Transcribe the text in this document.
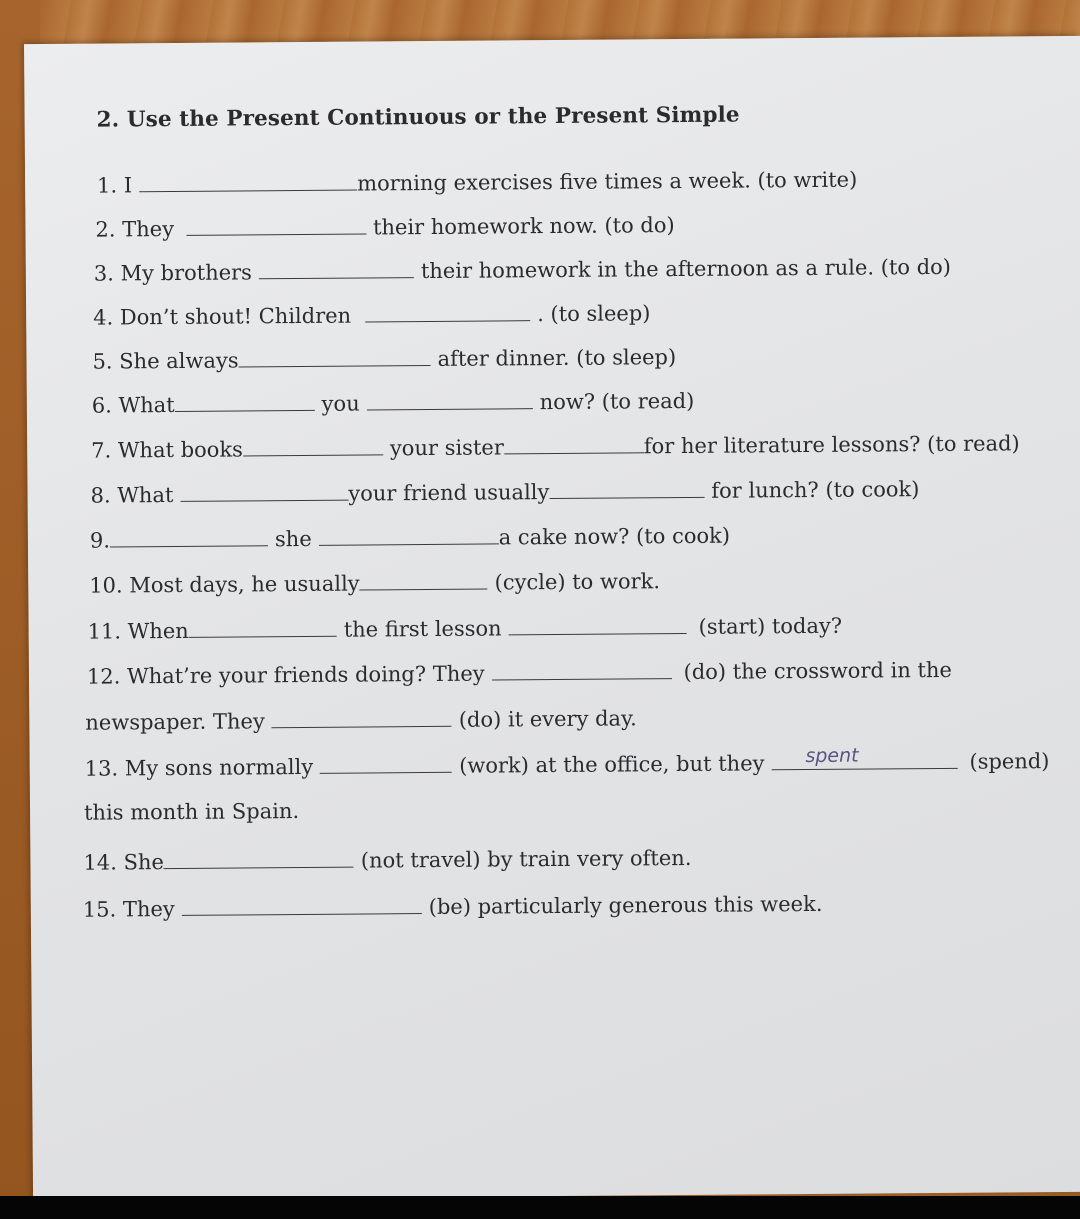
2. Use the Present Continuous or the Present Simple
1. I	morning exercises five times a week. (to write)
2. They	their homework now. (to do)
3. My brothers	their homework in the afternoon as a rule. (to do)
4. Don’t shout! Children	. (to sleep)
5. She always	after dinner. (to sleep)
6. What	you	now? (to read)
7. What books	your sister	for her literature lessons? (to read)
8. What	your friend usually	for lunch? (to cook)
9.	she	a cake now? (to cook)
10. Most days, he usually	(cycle) to work.
11. When	the first lesson	(start) today?
12. What’re your friends doing? They	(do) the crossword in the
newspaper. They	(do) it every day.
13. My sons normally	(work) at the office, but they spent	(spend)
this month in Spain.
14. She	(not travel) by train very often.
15. They	(be) particularly generous this week.
